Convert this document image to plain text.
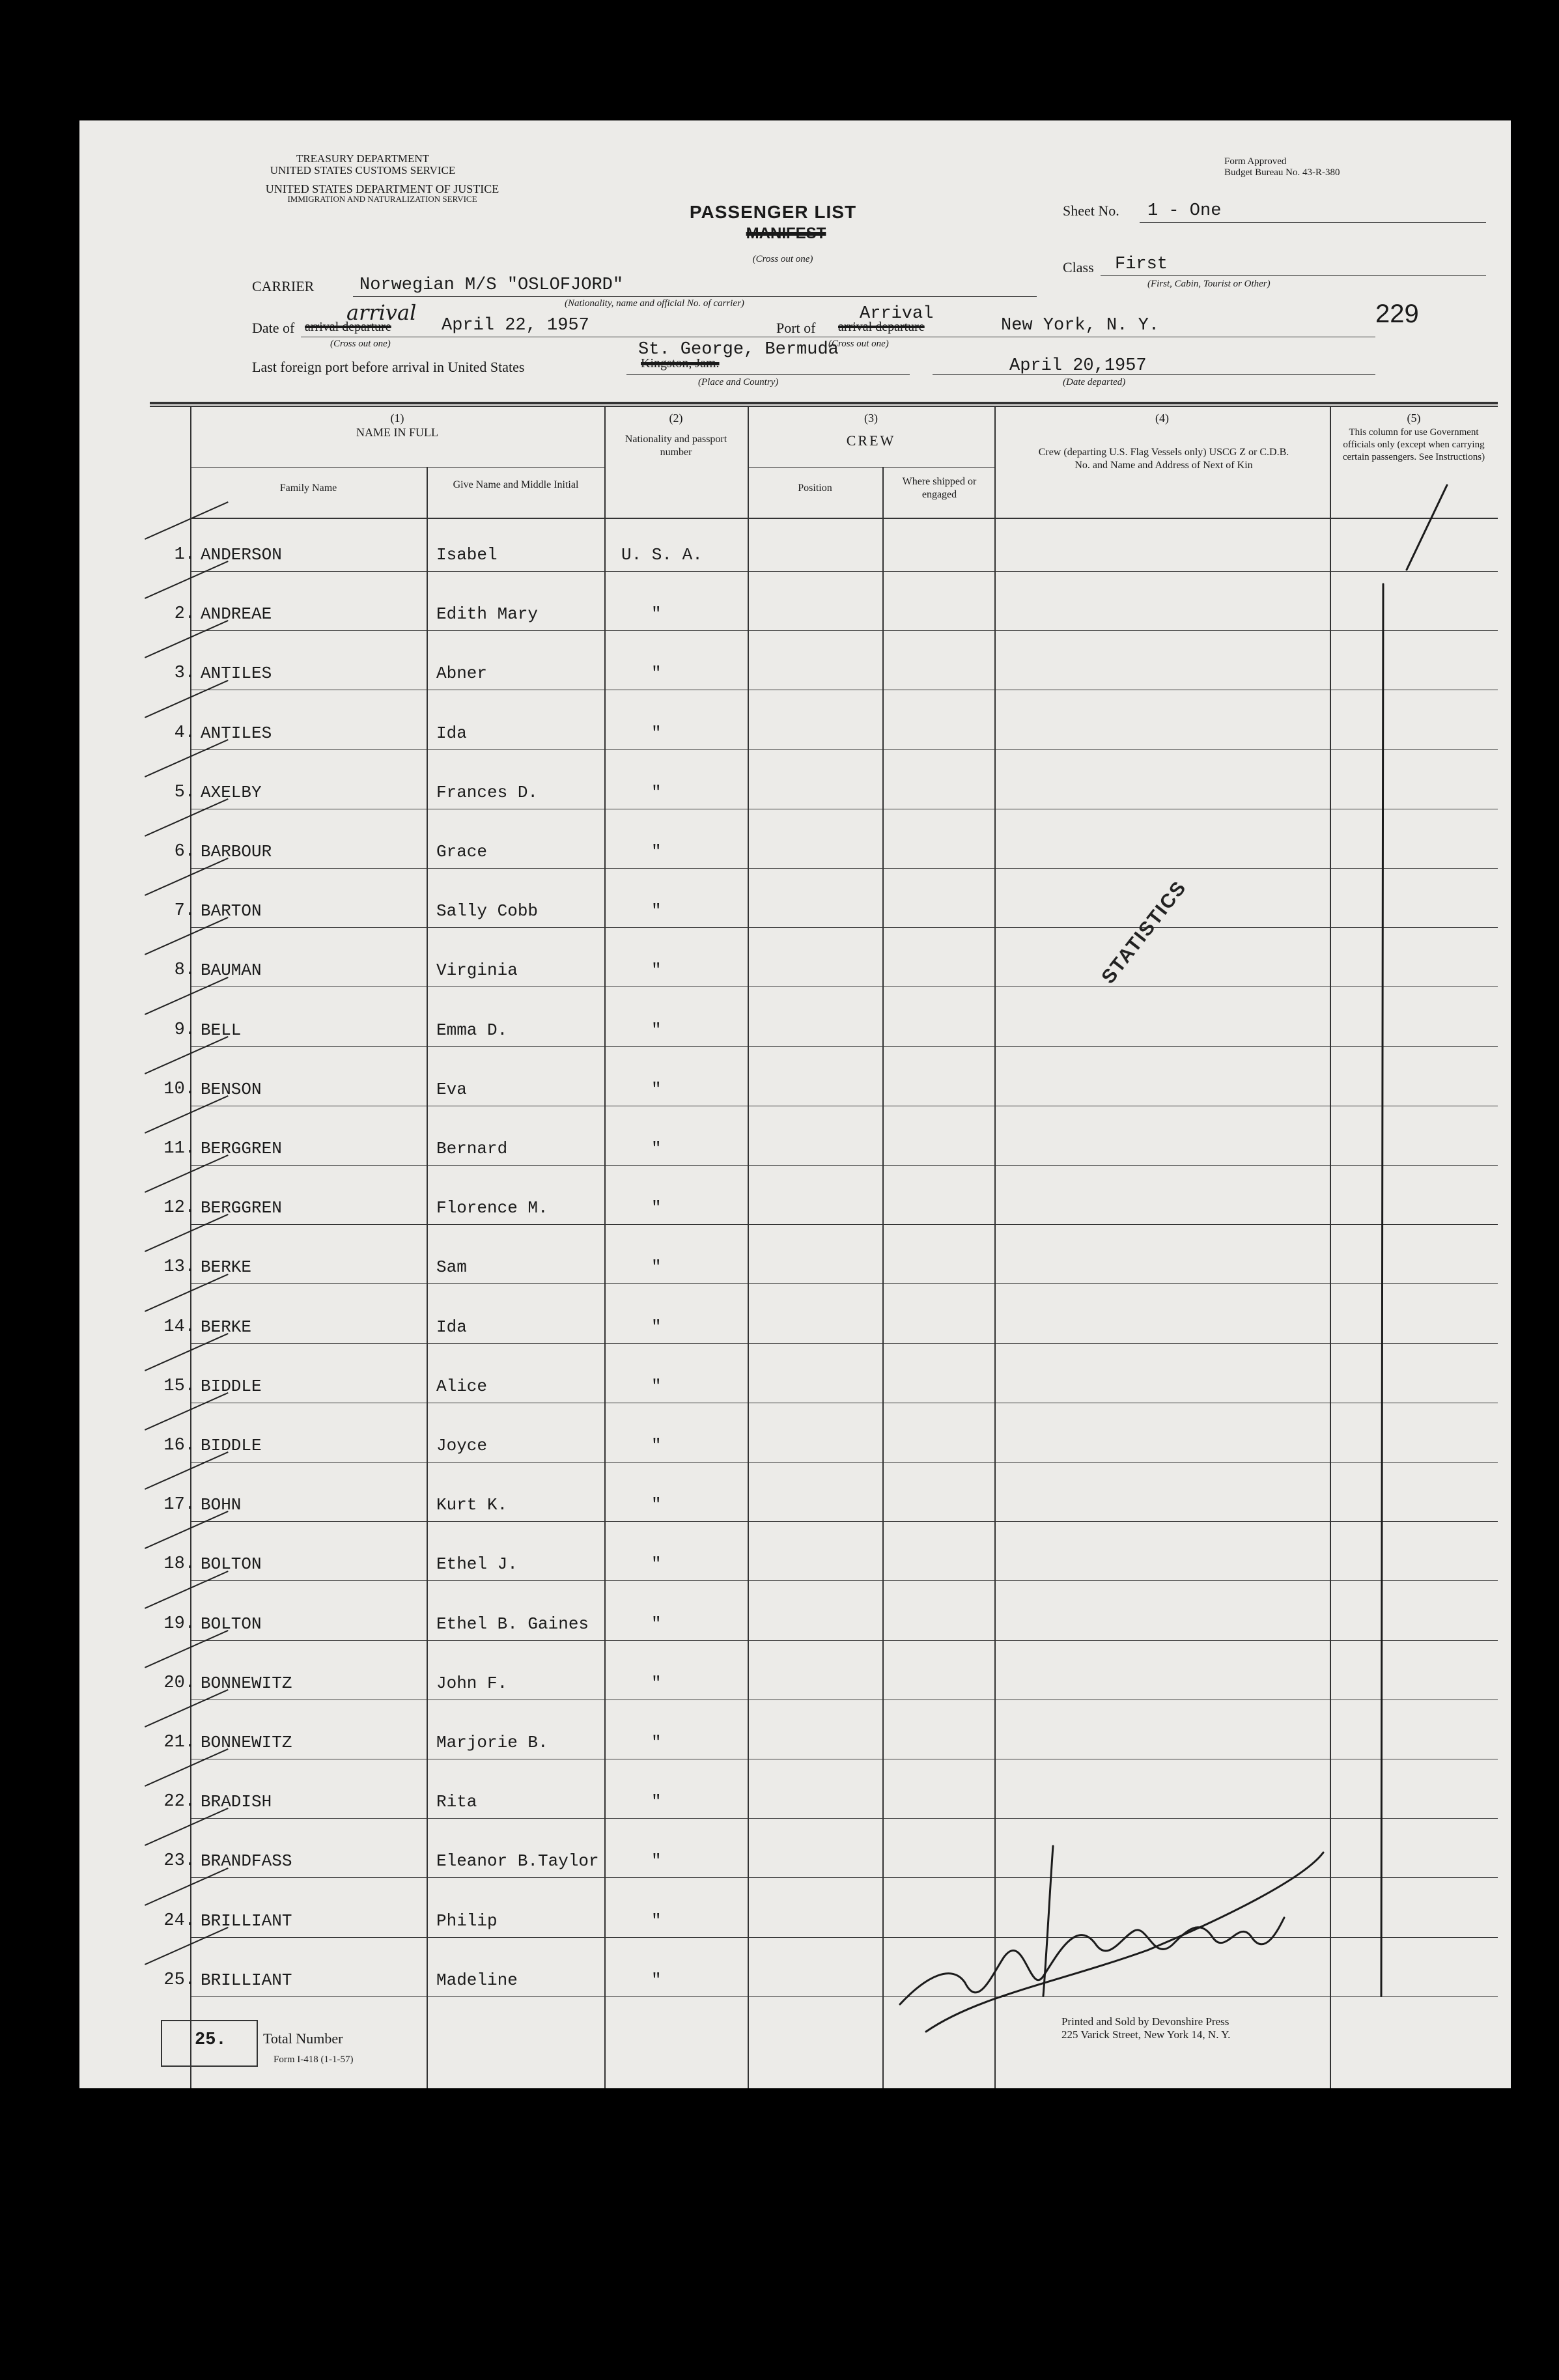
TREASURY DEPARTMENT
UNITED STATES CUSTOMS SERVICE
UNITED STATES DEPARTMENT OF JUSTICE
IMMIGRATION AND NATURALIZATION SERVICE
Form Approved
Budget Bureau No. 43-R-380
PASSENGER LIST
MANIFEST
(Cross out one)
Sheet No. 1 - One
Class First
(First, Cabin, Tourist or Other)
CARRIER	Norwegian M/S "OSLOFJORD"
(Nationality, name and official No. of carrier)
Date of
arrival
arrival departure	April 22, 1957
(Cross out one)
Port of
Arrival
arrival departure	New York, N. Y.
(Cross out one)
229
Last foreign port before arrival in United States
St. George, Bermuda
Kingston, Jam.
(Place and Country)
April 20,1957
(Date departed)
(1)
NAME IN FULL
Family Name	Give Name and Middle Initial
(2)
Nationality and passport number
(3)
CREW
Position
Where shipped or engaged
(4)
Crew (departing U.S. Flag Vessels only) USCG Z or C.D.B. No. and Name and Address of Next of Kin
(5)
This column for use Government officials only (except when carrying certain passengers. See Instructions)
1. ANDERSON	Isabel	U. S. A.
2. ANDREAE	Edith Mary	"
3. ANTILES	Abner	"
4. ANTILES	Ida	"
5. AXELBY	Frances D.	"
6. BARBOUR	Grace	"
7. BARTON	Sally Cobb	"
8. BAUMAN	Virginia	"
9. BELL	Emma D.	"
10. BENSON	Eva	"
11. BERGGREN	Bernard	"
12. BERGGREN	Florence M.	"
13. BERKE	Sam	"
14. BERKE	Ida	"
15. BIDDLE	Alice	"
16. BIDDLE	Joyce	"
17. BOHN	Kurt K.	"
18. BOLTON	Ethel J.	"
19. BOLTON	Ethel B. Gaines	"
20. BONNEWITZ	John F.	"
21. BONNEWITZ	Marjorie B.	"
22. BRADISH	Rita	"
23. BRANDFASS	Eleanor B.Taylor	"
24. BRILLIANT	Philip	"
25. BRILLIANT	Madeline	"
STATISTICS
25.	Total Number
Form I-418 (1-1-57)
Printed and Sold by Devonshire Press
225 Varick Street, New York 14, N. Y.
